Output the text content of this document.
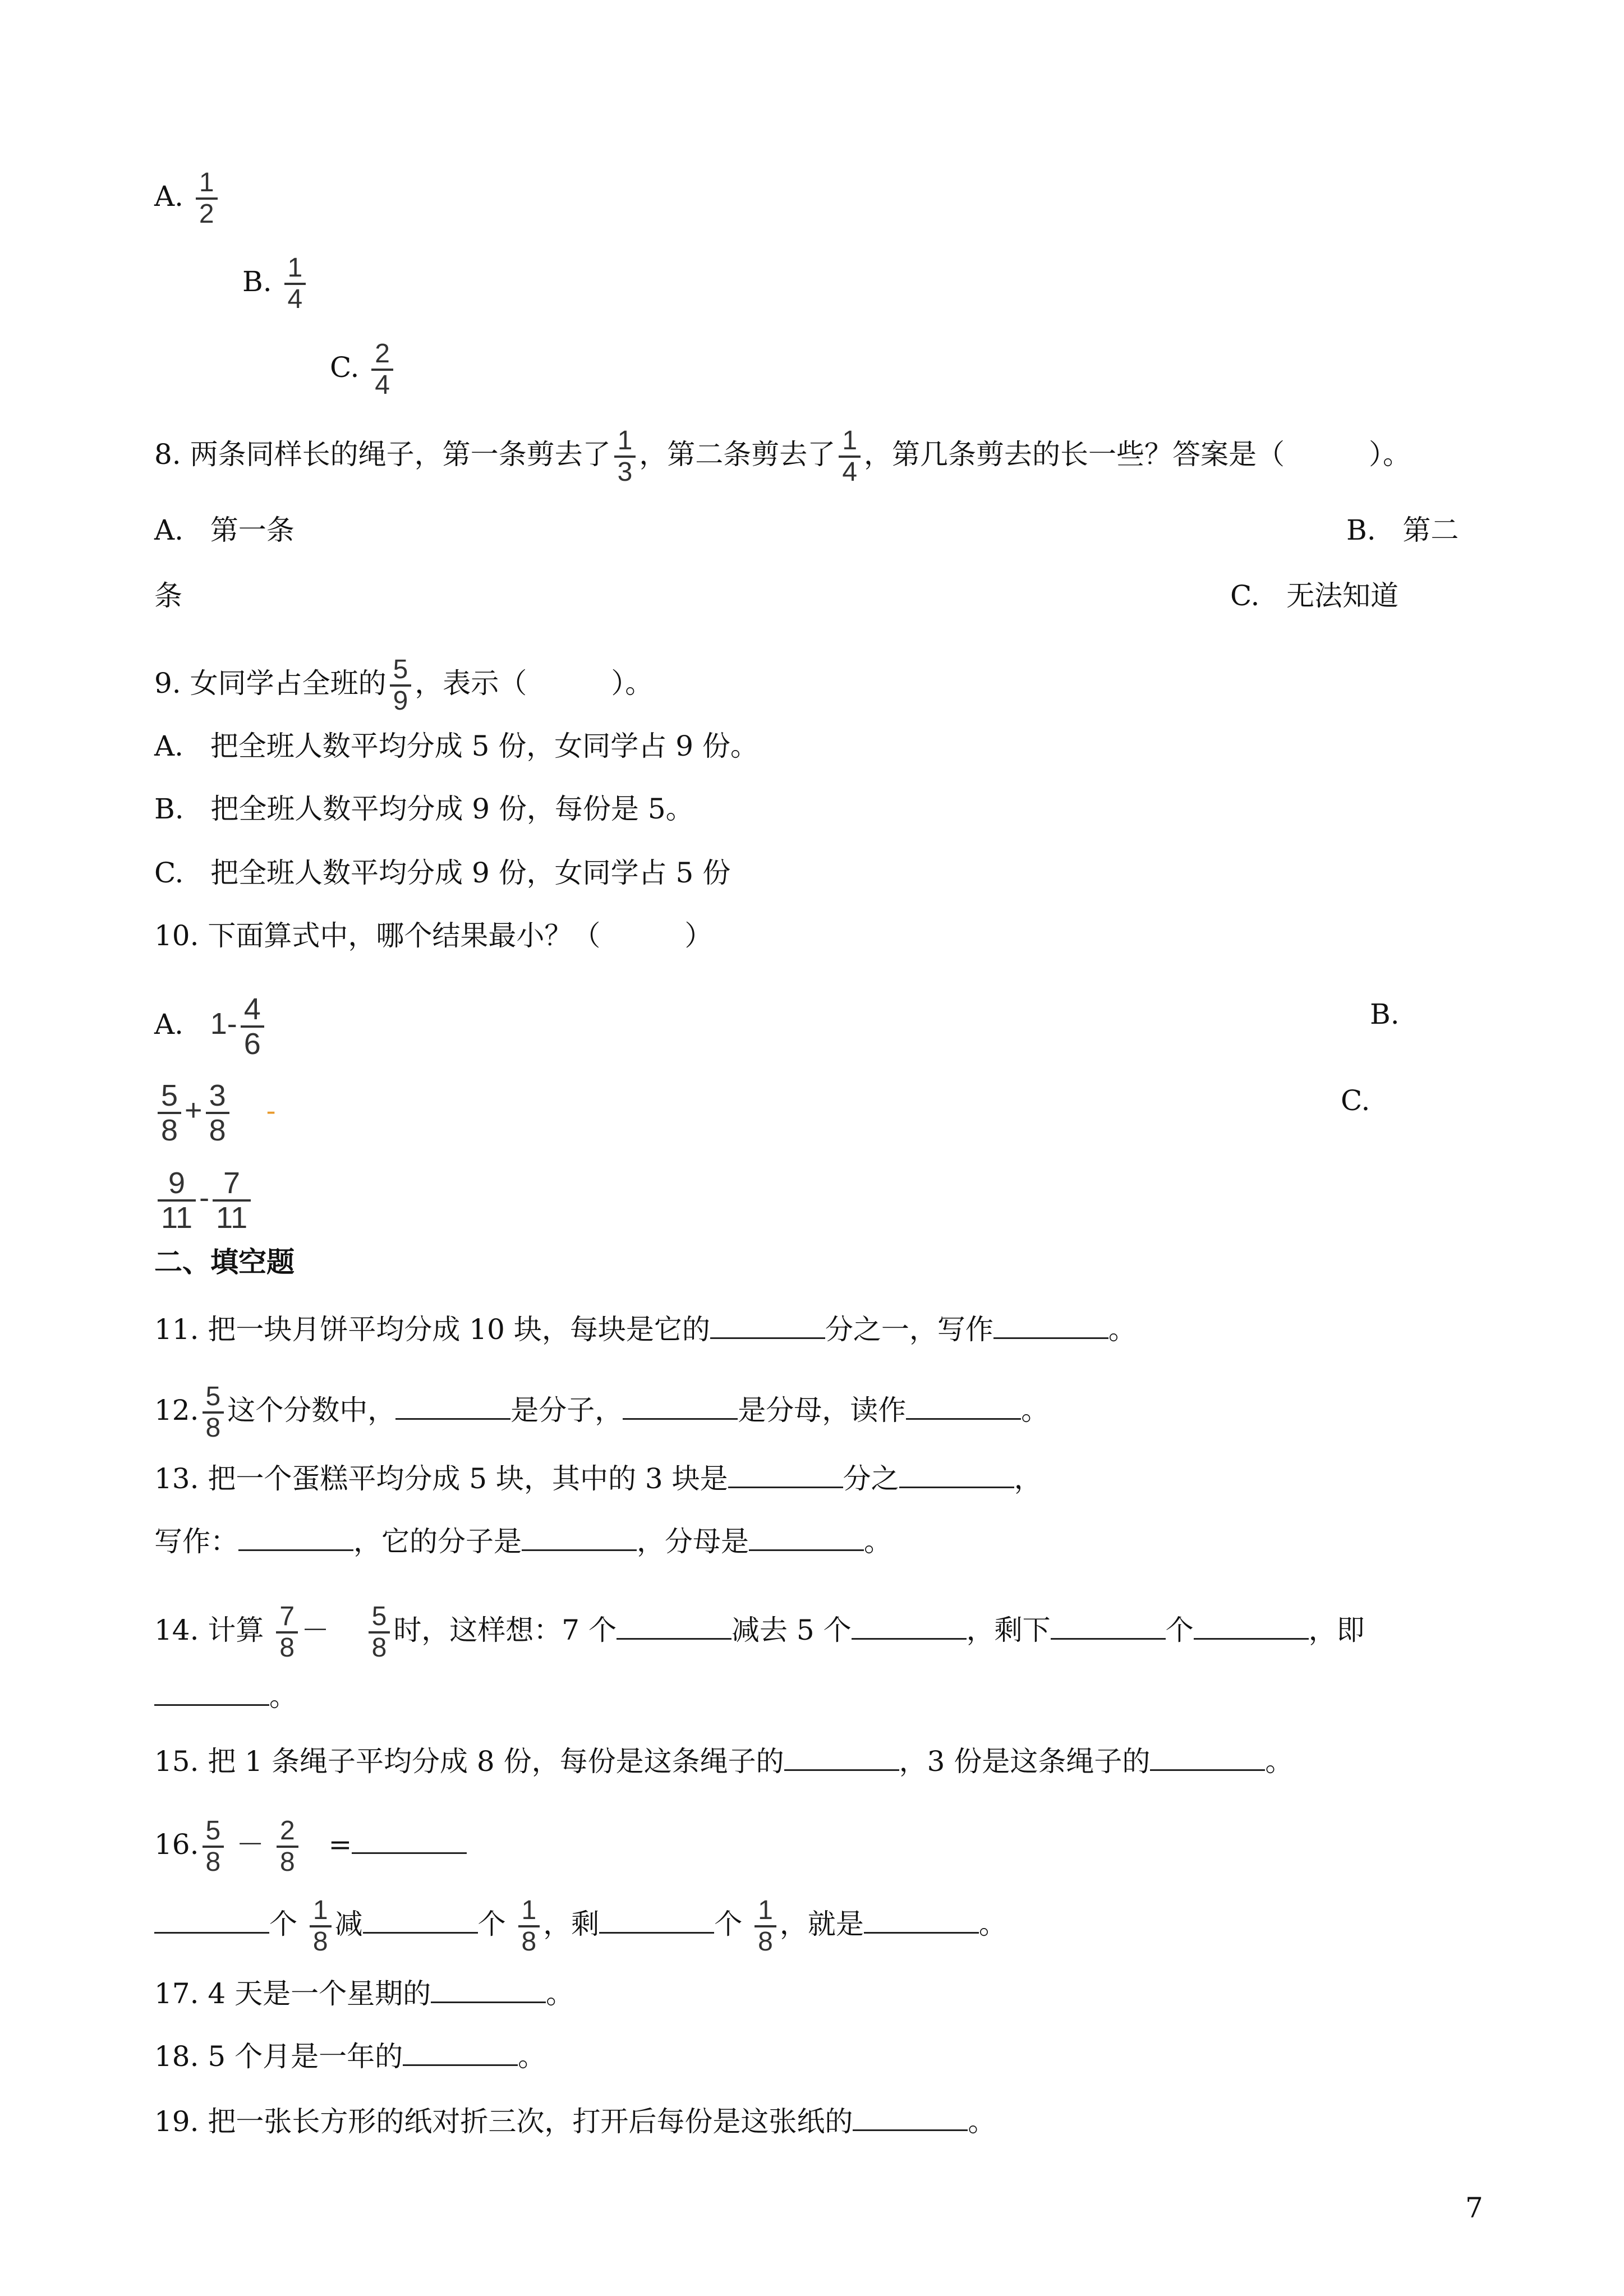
A. $\frac{1}{2}$
B. $\frac{1}{4}$
C. $\frac{2}{4}$
8. 两条同样长的绳子，第一条剪去了 $\frac{1}{3}$ ，第二条剪去了 $\frac{1}{4}$ ，第几条剪去的长一些？答案是（	）。
A. 第一条	B. 第二
条	C. 无法知道
9. 女同学占全班的 $\frac{5}{9}$ ，表示（	）。
A. 把全班人数平均分成 5 份，女同学占 9 份。
B. 把全班人数平均分成 9 份，每份是 5。
C. 把全班人数平均分成 9 份，女同学占 5 份
10. 下面算式中，哪个结果最小？（	）
A. $1- \frac{4}{6}$	B.
$\frac{5}{8} + \frac{3}{8}$ -	C.
$\frac{9}{11} - \frac{7}{11}$
二、填空题
11. 把一块月饼平均分成 10 块，每块是它的	分之一，写作	。
12. $\frac{5}{8}$ 这个分数中，	是分子，	是分母，读作	。
13. 把一个蛋糕平均分成 5 块，其中的 3 块是	分之	，
写作：	，它的分子是	，分母是	。
14. 计算 $\frac{7}{8} - \frac{5}{8}$ 时，这样想：7 个	减去 5 个	，剩下	个	，即
。
15. 把 1 条绳子平均分成 8 份，每份是这条绳子的	，3 份是这条绳子的	。
16. $\frac{5}{8} - \frac{2}{8}$ =
个 $\frac{1}{8}$ 减	个 $\frac{1}{8}$ ，剩	个 $\frac{1}{8}$ ，就是	。
17. 4 天是一个星期的	。
18. 5 个月是一年的	。
19. 把一张长方形的纸对折三次，打开后每份是这张纸的	。
7
